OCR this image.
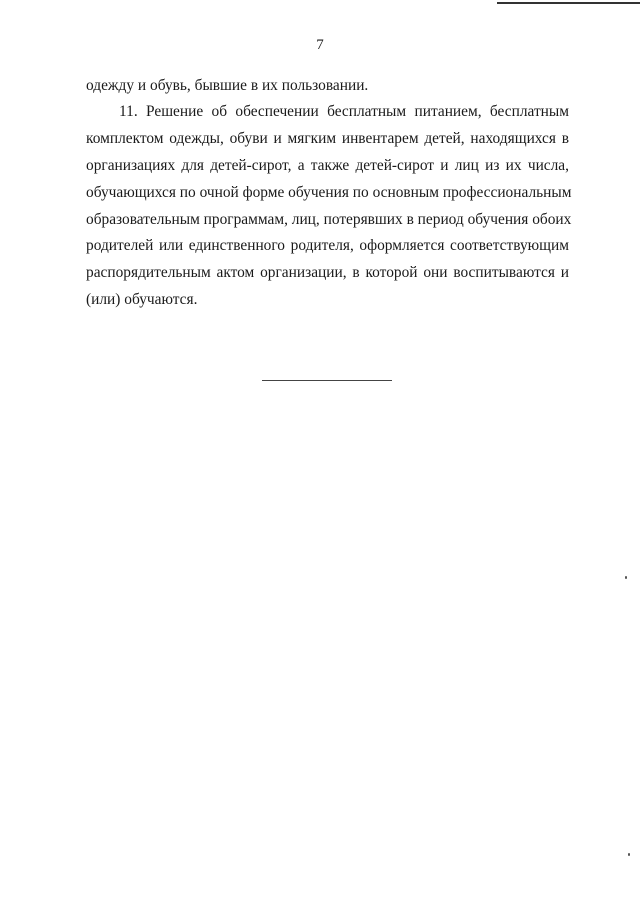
7
одежду и обувь, бывшие в их пользовании.
11. Решение об обеспечении бесплатным питанием, бесплатным
комплектом одежды, обуви и мягким инвентарем детей, находящихся в
организациях для детей-сирот, а также детей-сирот и лиц из их числа,
обучающихся по очной форме обучения по основным профессиональным
образовательным программам, лиц, потерявших в период обучения обоих
родителей или единственного родителя, оформляется соответствующим
распорядительным актом организации, в которой они воспитываются и
(или) обучаются.
